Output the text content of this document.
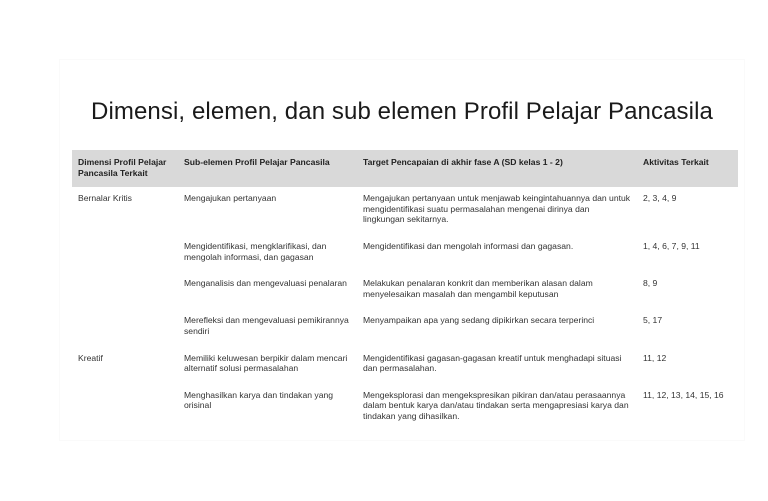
Dimensi, elemen, dan sub elemen Profil Pelajar Pancasila
Dimensi Profil Pelajar Pancasila Terkait	Sub-elemen Profil Pelajar Pancasila	Target Pencapaian di akhir fase A (SD kelas 1 - 2)	Aktivitas Terkait
Bernalar Kritis	Mengajukan pertanyaan	Mengajukan pertanyaan untuk menjawab keingintahuannya dan untuk mengidentifikasi suatu permasalahan mengenai dirinya dan lingkungan sekitarnya.	2, 3, 4, 9
	Mengidentifikasi, mengklarifikasi, dan mengolah informasi, dan gagasan	Mengidentifikasi dan mengolah informasi dan gagasan.	1, 4, 6, 7, 9, 11
	Menganalisis dan mengevaluasi penalaran	Melakukan penalaran konkrit dan memberikan alasan dalam menyelesaikan masalah dan mengambil keputusan	8, 9
	Merefleksi dan mengevaluasi pemikirannya sendiri	Menyampaikan apa yang sedang dipikirkan secara terperinci	5, 17
Kreatif	Memiliki keluwesan berpikir dalam mencari alternatif solusi permasalahan	Mengidentifikasi gagasan-gagasan kreatif untuk menghadapi situasi dan permasalahan.	11, 12
	Menghasilkan karya dan tindakan yang orisinal	Mengeksplorasi dan mengekspresikan pikiran dan/atau perasaannya dalam bentuk karya dan/atau tindakan serta mengapresiasi karya dan tindakan yang dihasilkan.	11, 12, 13, 14, 15, 16
